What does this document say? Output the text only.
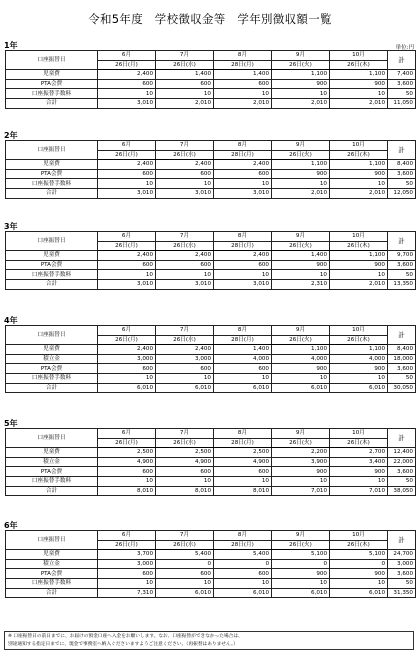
令和5年度　学校徴収金等　学年別徴収額一覧
1年	単位:円
口座振替日	6月	7月	8月	9月	10月	計
	26日(月)	26日(水)	28日(月)	26日(火)	26日(木)	
児童費	2,400	1,400	1,400	1,100	1,100	7,400
PTA会費	600	600	600	900	900	3,600
口座振替手数料	10	10	10	10	10	50
合計	3,010	2,010	2,010	2,010	2,010	11,050
2年
口座振替日	6月	7月	8月	9月	10月	計
	26日(月)	26日(水)	28日(月)	26日(火)	26日(木)	
児童費	2,400	2,400	2,400	1,100	1,100	8,400
PTA会費	600	600	600	900	900	3,600
口座振替手数料	10	10	10	10	10	50
合計	3,010	3,010	3,010	2,010	2,010	12,050
3年
口座振替日	6月	7月	8月	9月	10月	計
	26日(月)	26日(水)	28日(月)	26日(火)	26日(木)	
児童費	2,400	2,400	2,400	1,400	1,100	9,700
PTA会費	600	600	600	900	900	3,600
口座振替手数料	10	10	10	10	10	50
合計	3,010	3,010	3,010	2,310	2,010	13,350
4年
口座振替日	6月	7月	8月	9月	10月	計
	26日(月)	26日(水)	28日(月)	26日(火)	26日(木)	
児童費	2,400	2,400	1,400	1,100	1,100	8,400
積立金	3,000	3,000	4,000	4,000	4,000	18,000
PTA会費	600	600	600	900	900	3,600
口座振替手数料	10	10	10	10	10	50
合計	6,010	6,010	6,010	6,010	6,010	30,050
5年
口座振替日	6月	7月	8月	9月	10月	計
	26日(月)	26日(水)	28日(月)	26日(火)	26日(木)	
児童費	2,500	2,500	2,500	2,200	2,700	12,400
積立金	4,900	4,900	4,900	3,900	3,400	22,000
PTA会費	600	600	600	900	900	3,600
口座振替手数料	10	10	10	10	10	50
合計	8,010	8,010	8,010	7,010	7,010	38,050
6年
口座振替日	6月	7月	8月	9月	10月	計
	26日(月)	26日(水)	28日(月)	26日(火)	26日(木)	
児童費	3,700	5,400	5,400	5,100	5,100	24,700
積立金	3,000	0	0	0	0	3,000
PTA会費	600	600	600	900	900	3,600
口座振替手数料	10	10	10	10	10	50
合計	7,310	6,010	6,010	6,010	6,010	31,350
※ 口座振替日の前日までに、お届けの預金口座へ入金をお願いします。なお、口座振替ができなかった場合は、
別途通知する指定日までに、現金で事務室へ納入ぐださいますようご注意ください。（再振替はありません。）
